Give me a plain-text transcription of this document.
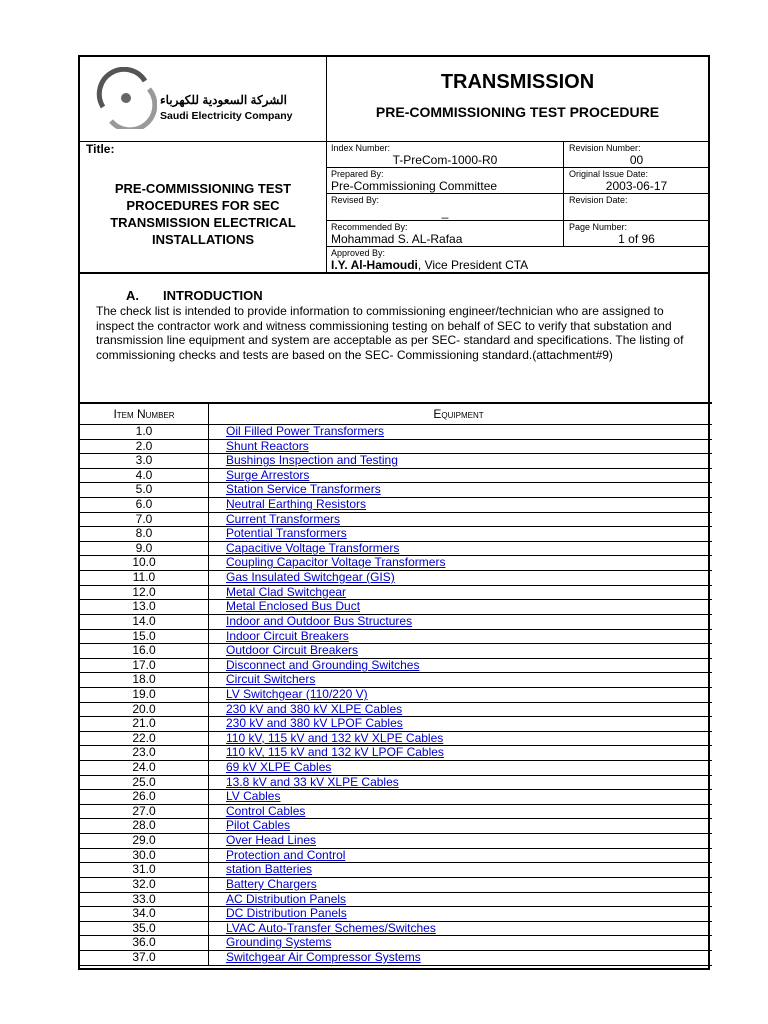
الشركة السعودية للكهرباء
Saudi Electricity Company
TRANSMISSION
PRE-COMMISSIONING TEST PROCEDURE
Title:
PRE-COMMISSIONING TEST PROCEDURES FOR SEC TRANSMISSION ELECTRICAL INSTALLATIONS
Index Number:
T-PreCom-1000-R0
Revision Number:
00
Prepared By:
Pre-Commissioning Committee
Original Issue Date:
2003-06-17
Revised By:
_
Revision Date:
Recommended By:
Mohammad S. AL-Rafaa
Page Number:
1 of 96
Approved By:
I.Y. Al-Hamoudi, Vice President CTA
A. INTRODUCTION

The check list is intended to provide information to commissioning engineer/technician who are assigned to inspect the contractor work and witness commissioning testing on behalf of SEC to verify that substation and transmission line equipment and system are acceptable as per SEC- standard and specifications. The listing of commissioning checks and tests are based on the SEC- Commissioning standard.(attachment#9)

Item Number	Equipment
1.0	Oil Filled Power Transformers
2.0	Shunt Reactors
3.0	Bushings Inspection and Testing
4.0	Surge Arrestors
5.0	Station Service Transformers
6.0	Neutral Earthing Resistors
7.0	Current Transformers
8.0	Potential Transformers
9.0	Capacitive Voltage Transformers
10.0	Coupling Capacitor Voltage Transformers
11.0	Gas Insulated Switchgear (GIS)
12.0	Metal Clad Switchgear
13.0	Metal Enclosed Bus Duct
14.0	Indoor and Outdoor Bus Structures
15.0	Indoor Circuit Breakers
16.0	Outdoor Circuit Breakers
17.0	Disconnect and Grounding Switches
18.0	Circuit Switchers
19.0	LV Switchgear (110/220 V)
20.0	230 kV and 380 kV XLPE Cables
21.0	230 kV and 380 kV LPOF Cables
22.0	110 kV, 115 kV and 132 kV XLPE Cables
23.0	110 kV, 115 kV and 132 kV LPOF Cables
24.0	69 kV XLPE Cables
25.0	13.8 kV and 33 kV XLPE Cables
26.0	LV Cables
27.0	Control Cables
28.0	Pilot Cables
29.0	Over Head Lines
30.0	Protection and Control
31.0	station Batteries
32.0	Battery Chargers
33.0	AC Distribution Panels
34.0	DC Distribution Panels
35.0	LVAC Auto-Transfer Schemes/Switches
36.0	Grounding Systems
37.0	Switchgear Air Compressor Systems
